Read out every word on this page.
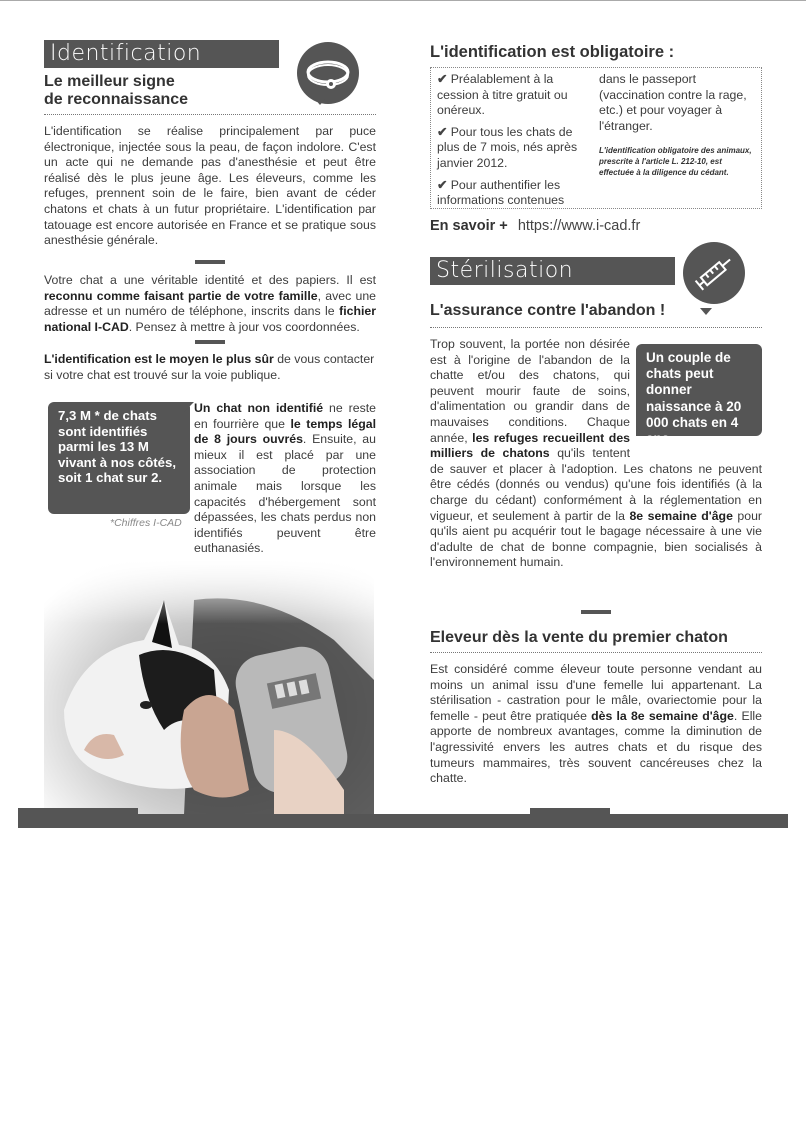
Identification
Le meilleur signe
de reconnaissance

L'identification se réalise principalement par puce électronique, injectée sous la peau, de façon indolore. C'est un acte qui ne demande pas d'anesthésie et peut être réalisé dès le plus jeune âge. Les éleveurs, comme les refuges, prennent soin de le faire, bien avant de céder chatons et chats à un futur propriétaire. L'identification par tatouage est encore autorisée en France et se pratique sous anesthésie générale.

Votre chat a une véritable identité et des papiers. Il est reconnu comme faisant partie de votre famille, avec une adresse et un numéro de téléphone, inscrits dans le fichier national I-CAD. Pensez à mettre à jour vos coordonnées.

L'identification est le moyen le plus sûr de vous contacter si votre chat est trouvé sur la voie publique.

7,3 M * de chats sont identifiés parmi les 13 M vivant à nos côtés, soit 1 chat sur 2.
*Chiffres I-CAD

Un chat non identifié ne reste en fourrière que le temps légal de 8 jours ouvrés. Ensuite, au mieux il est placé par une association de protection animale mais lorsque les capacités d'hébergement sont dépassées, les chats perdus non identifiés peuvent être euthanasiés.

L'identification est obligatoire :
✔ Préalablement à la cession à titre gratuit ou onéreux.
✔ Pour tous les chats de plus de 7 mois, nés après janvier 2012.
✔ Pour authentifier les informations contenues
dans le passeport (vaccination contre la rage, etc.) et pour voyager à l'étranger.
L'identification obligatoire des animaux, prescrite à l'article L. 212-10, est effectuée à la diligence du cédant.
En savoir + https://www.i-cad.fr
Stérilisation
L'assurance contre l'abandon !
Un couple de chats peut donner naissance à 20 000 chats en 4 ans

Trop souvent, la portée non désirée est à l'origine de l'abandon de la chatte et/ou des chatons, qui peuvent mourir faute de soins, d'alimentation ou grandir dans de mauvaises conditions. Chaque année, les refuges recueillent des milliers de chatons qu'ils tentent de sauver et placer à l'adoption. Les chatons ne peuvent être cédés (donnés ou vendus) qu'une fois identifiés (à la charge du cédant) conformément à la réglementation en vigueur, et seulement à partir de la 8e semaine d'âge pour qu'ils aient pu acquérir tout le bagage nécessaire à une vie d'adulte de chat de bonne compagnie, bien socialisés à l'environnement humain.

Eleveur dès la vente du premier chaton

Est considéré comme éleveur toute personne vendant au moins un animal issu d'une femelle lui appartenant. La stérilisation - castration pour le mâle, ovariectomie pour la femelle - peut être pratiquée dès la 8e semaine d'âge. Elle apporte de nombreux avantages, comme la diminution de l'agressivité envers les autres chats et du risque des tumeurs mammaires, très souvent cancéreuses chez la chatte.
